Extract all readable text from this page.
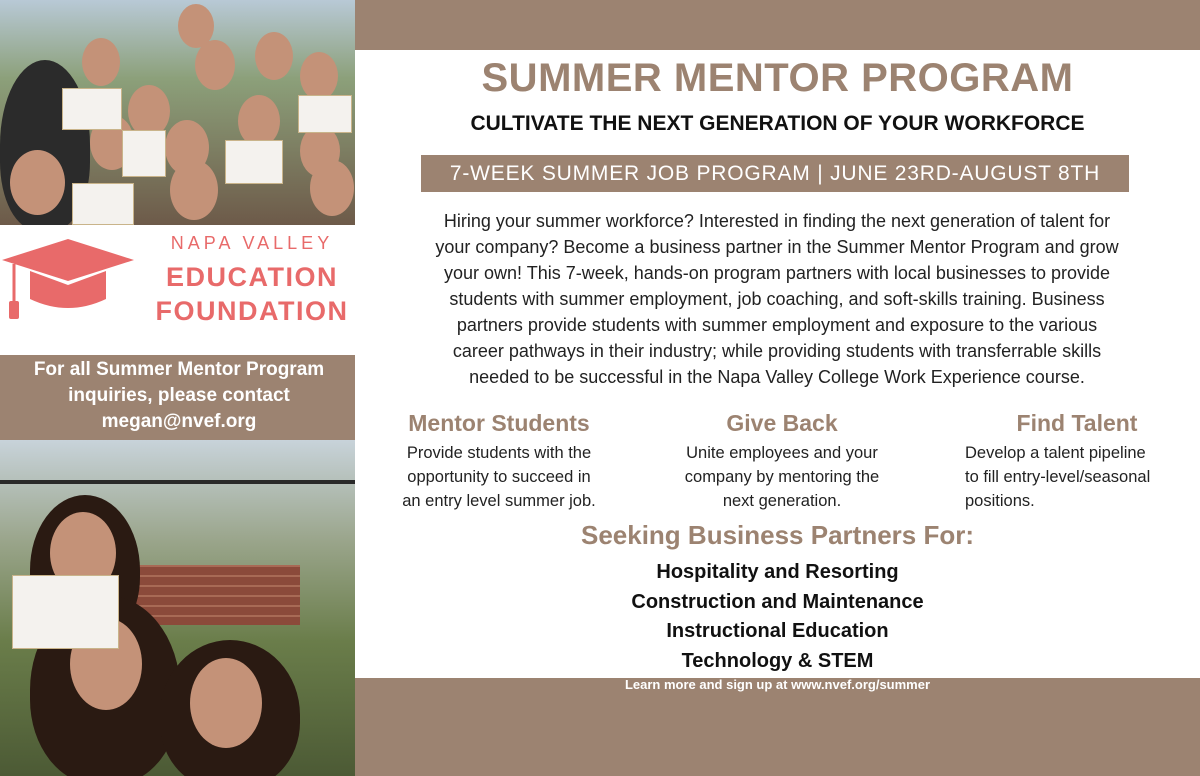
NAPA VALLEY
EDUCATION
FOUNDATION
For all Summer Mentor Program
inquiries, please contact
megan@nvef.org
SUMMER MENTOR PROGRAM
CULTIVATE THE NEXT GENERATION OF YOUR WORKFORCE
7-WEEK SUMMER JOB PROGRAM | JUNE 23RD-AUGUST 8TH
Hiring your summer workforce? Interested in finding the next generation of talent for
your company? Become a business partner in the Summer Mentor Program and grow
your own! This 7-week, hands-on program partners with local businesses to provide
students with summer employment, job coaching, and soft-skills training. Business
partners provide students with summer employment and exposure to the various
career pathways in their industry; while providing students with transferrable skills
needed to be successful in the Napa Valley College Work Experience course.
Mentor Students

Provide students with the
opportunity to succeed in
an entry level summer job.

Give Back

Unite employees and your
company by mentoring the
next generation.

Find Talent

Develop a talent pipeline
to fill entry-level/seasonal
positions.

Seeking Business Partners For:
Hospitality and Resorting
Construction and Maintenance
Instructional Education
Technology & STEM
Learn more and sign up at www.nvef.org/summer
